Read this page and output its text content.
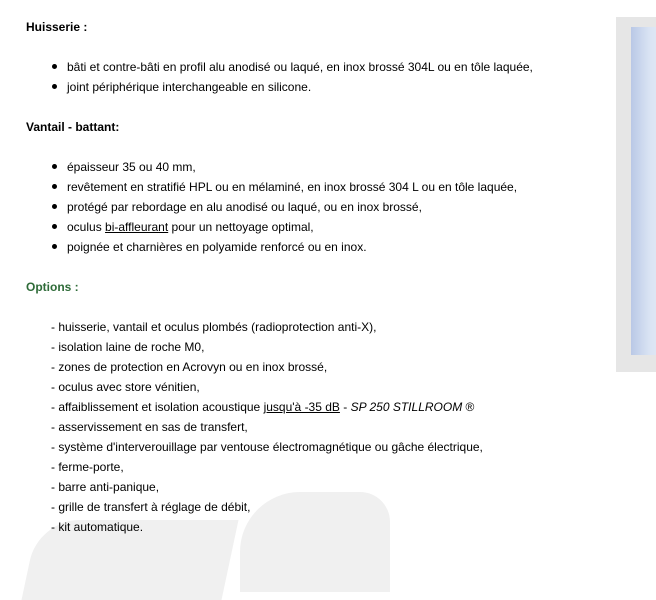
Huisserie :
bâti et contre-bâti en profil alu anodisé ou laqué, en inox brossé 304L ou en tôle laquée,
joint périphérique interchangeable en silicone.
Vantail - battant:
épaisseur 35 ou 40 mm,
revêtement en stratifié HPL ou en mélaminé, en inox brossé 304 L ou en tôle laquée,
protégé par rebordage en alu anodisé ou laqué, ou en inox brossé,
oculus bi-affleurant pour un nettoyage optimal,
poignée et charnières en polyamide renforcé ou en inox.
Options :
- huisserie, vantail et oculus plombés (radioprotection anti-X),
- isolation laine de roche M0,
- zones de protection en Acrovyn ou en inox brossé,
- oculus avec store vénitien,
- affaiblissement et isolation acoustique jusqu'à -35 dB - SP 250 STILLROOM ®
- asservissement en sas de transfert,
- système d'interverouillage par ventouse électromagnétique ou gâche électrique,
- ferme-porte,
- barre anti-panique,
- grille de transfert à réglage de débit,
- kit automatique.
